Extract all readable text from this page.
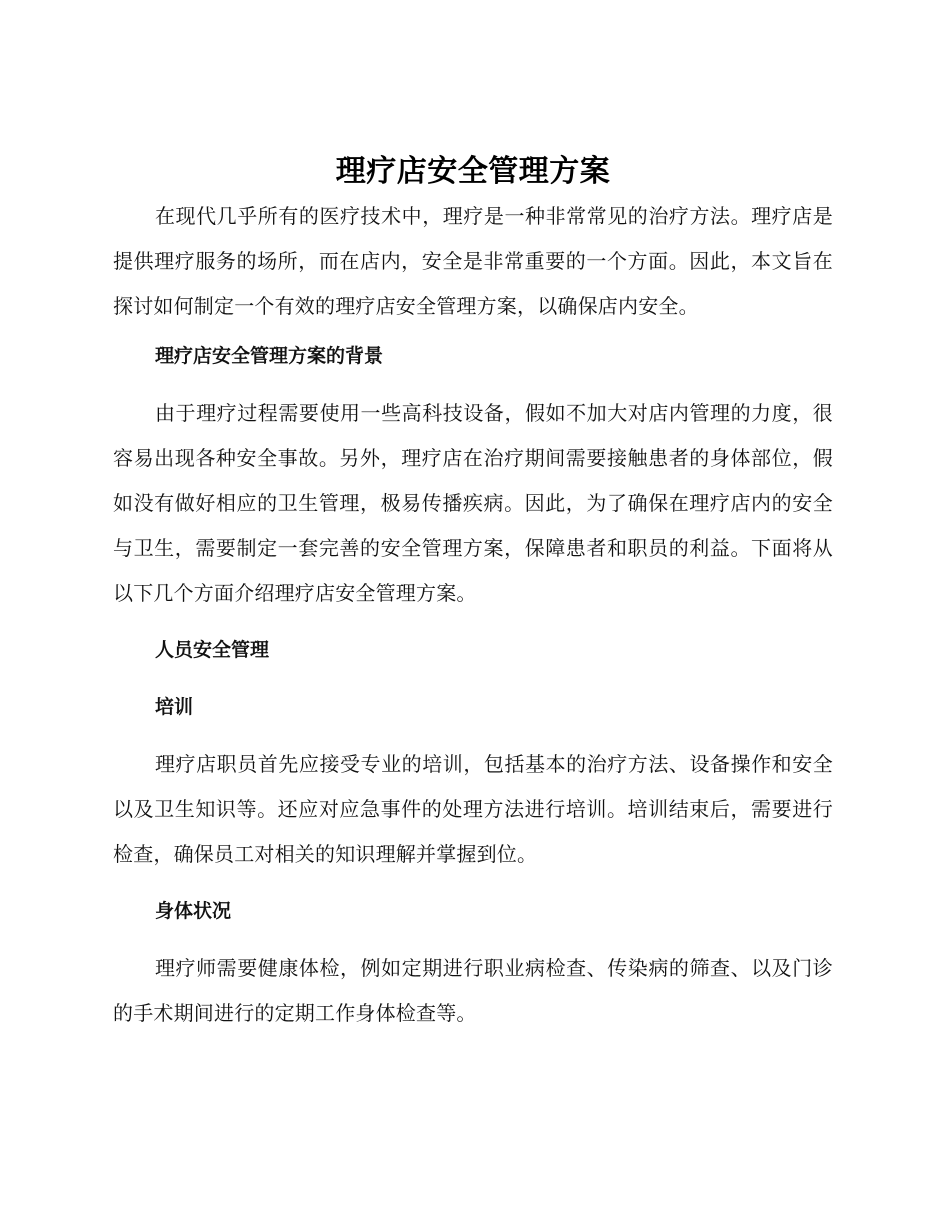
理疗店安全管理方案

在现代几乎所有的医疗技术中，理疗是一种非常常见的治疗方法。理疗店是提供理疗服务的场所，而在店内，安全是非常重要的一个方面。因此，本文旨在探讨如何制定一个有效的理疗店安全管理方案，以确保店内安全。

理疗店安全管理方案的背景

由于理疗过程需要使用一些高科技设备，假如不加大对店内管理的力度，很容易出现各种安全事故。另外，理疗店在治疗期间需要接触患者的身体部位，假如没有做好相应的卫生管理，极易传播疾病。因此，为了确保在理疗店内的安全与卫生，需要制定一套完善的安全管理方案，保障患者和职员的利益。下面将从以下几个方面介绍理疗店安全管理方案。

人员安全管理
培训

理疗店职员首先应接受专业的培训，包括基本的治疗方法、设备操作和安全以及卫生知识等。还应对应急事件的处理方法进行培训。培训结束后，需要进行检查，确保员工对相关的知识理解并掌握到位。

身体状况

理疗师需要健康体检，例如定期进行职业病检查、传染病的筛查、以及门诊的手术期间进行的定期工作身体检查等。
